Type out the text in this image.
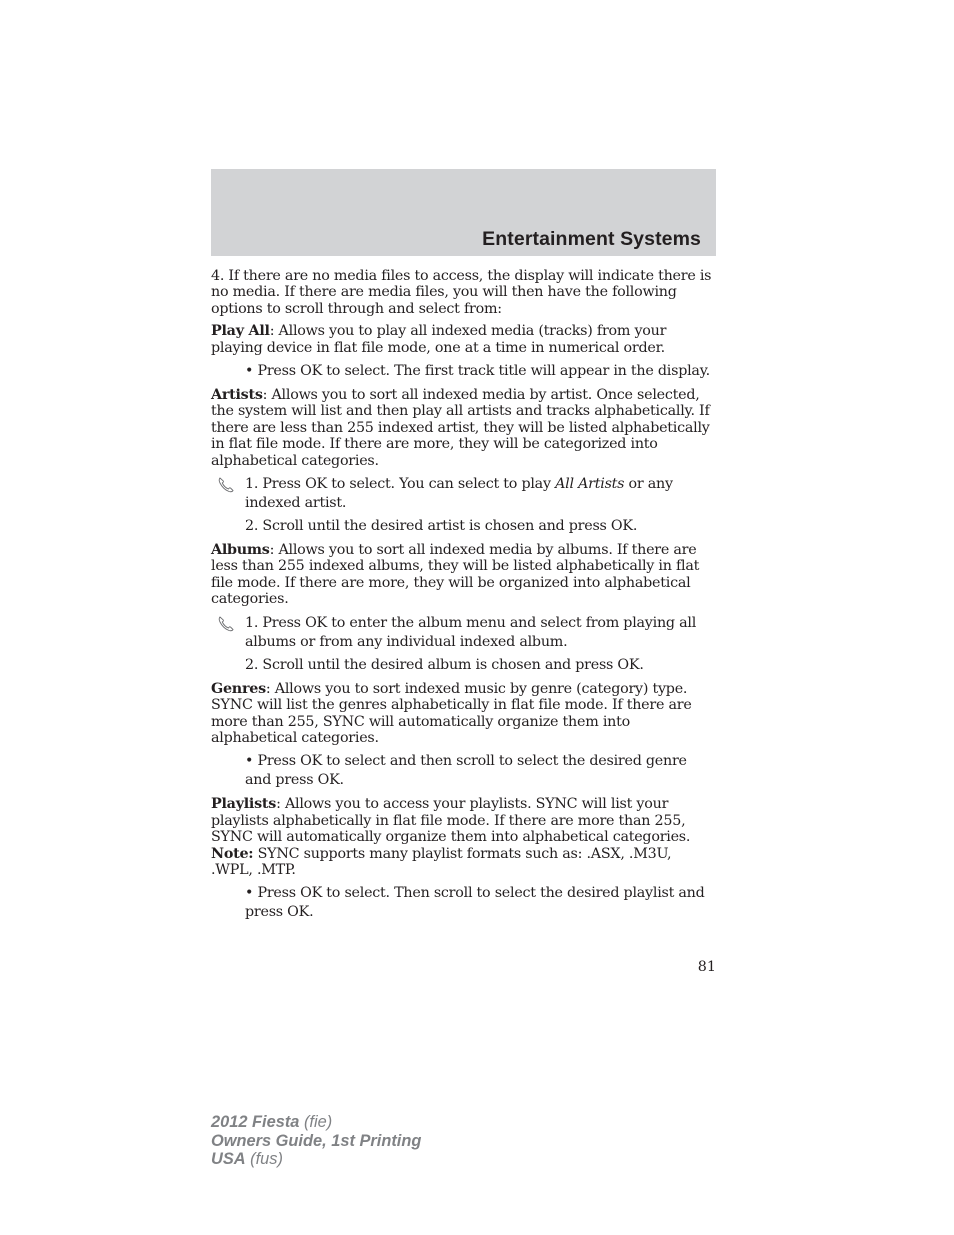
Entertainment Systems

4. If there are no media files to access, the display will indicate there is no media. If there are media files, you will then have the following options to scroll through and select from:

Play All: Allows you to play all indexed media (tracks) from your playing device in flat file mode, one at a time in numerical order.

• Press OK to select. The first track title will appear in the display.

Artists: Allows you to sort all indexed media by artist. Once selected, the system will list and then play all artists and tracks alphabetically. If there are less than 255 indexed artist, they will be listed alphabetically in flat file mode. If there are more, they will be categorized into alphabetical categories.

1. Press OK to select. You can select to play All Artists or any indexed artist.

2. Scroll until the desired artist is chosen and press OK.

Albums: Allows you to sort all indexed media by albums. If there are less than 255 indexed albums, they will be listed alphabetically in flat file mode. If there are more, they will be organized into alphabetical categories.

1. Press OK to enter the album menu and select from playing all albums or from any individual indexed album.

2. Scroll until the desired album is chosen and press OK.

Genres: Allows you to sort indexed music by genre (category) type. SYNC will list the genres alphabetically in flat file mode. If there are more than 255, SYNC will automatically organize them into alphabetical categories.

• Press OK to select and then scroll to select the desired genre and press OK.

Playlists: Allows you to access your playlists. SYNC will list your playlists alphabetically in flat file mode. If there are more than 255, SYNC will automatically organize them into alphabetical categories.
Note: SYNC supports many playlist formats such as: .ASX, .M3U, .WPL, .MTP.

• Press OK to select. Then scroll to select the desired playlist and press OK.

81
2012 Fiesta (fie)
Owners Guide, 1st Printing
USA (fus)
